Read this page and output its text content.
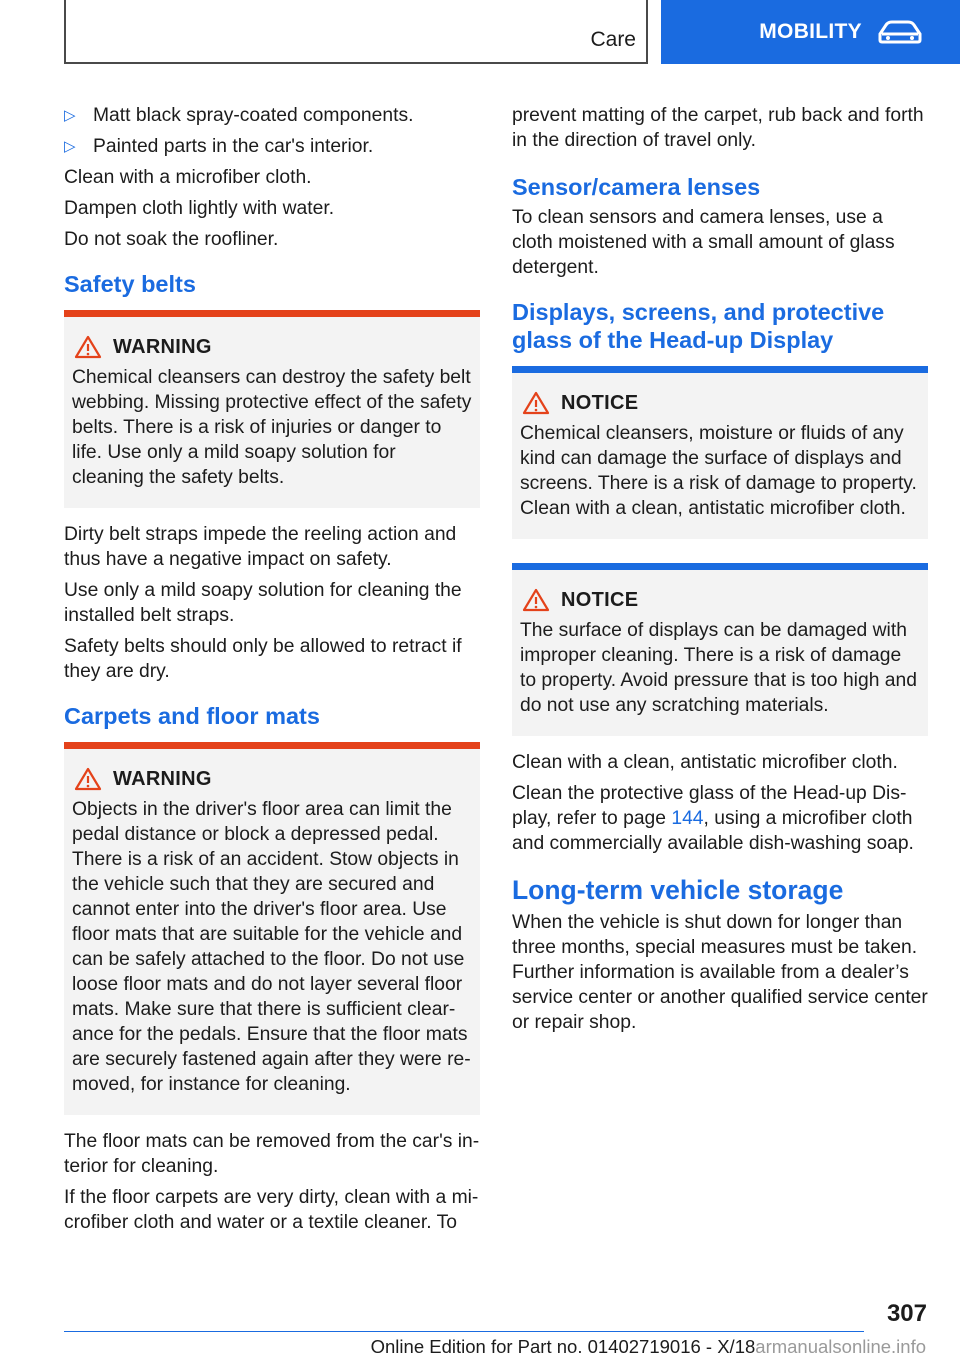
Care	MOBILITY
▷ Matt black spray-coated components.
▷ Painted parts in the car's interior.

Clean with a microfiber cloth.

Dampen cloth lightly with water.

Do not soak the roofliner.

Safety belts
WARNING
Chemical cleansers can destroy the safety belt webbing. Missing protective effect of the safety belts. There is a risk of injuries or danger to life. Use only a mild soapy solution for cleaning the safety belts.

Dirty belt straps impede the reeling action and thus have a negative impact on safety.

Use only a mild soapy solution for cleaning the installed belt straps.

Safety belts should only be allowed to retract if they are dry.

Carpets and floor mats
WARNING
Objects in the driver's floor area can limit the pedal distance or block a depressed pedal. There is a risk of an accident. Stow objects in the vehicle such that they are secured and cannot enter into the driver's floor area. Use floor mats that are suitable for the vehicle and can be safely attached to the floor. Do not use loose floor mats and do not layer several floor mats. Make sure that there is sufficient clearance for the pedals. Ensure that the floor mats are securely fastened again after they were removed, for instance for cleaning.

The floor mats can be removed from the car's interior for cleaning.

If the floor carpets are very dirty, clean with a microfiber cloth and water or a textile cleaner. To

prevent matting of the carpet, rub back and forth in the direction of travel only.

Sensor/camera lenses

To clean sensors and camera lenses, use a cloth moistened with a small amount of glass detergent.

Displays, screens, and protective glass of the Head-up Display
NOTICE
Chemical cleansers, moisture or fluids of any kind can damage the surface of displays and screens. There is a risk of damage to property. Clean with a clean, antistatic microfiber cloth.
NOTICE
The surface of displays can be damaged with improper cleaning. There is a risk of damage to property. Avoid pressure that is too high and do not use any scratching materials.

Clean with a clean, antistatic microfiber cloth.

Clean the protective glass of the Head-up Display, refer to page 144, using a microfiber cloth and commercially available dish-washing soap.

Long-term vehicle storage

When the vehicle is shut down for longer than three months, special measures must be taken. Further information is available from a dealer’s service center or another qualified service center or repair shop.

307
Online Edition for Part no. 01402719016 - X/18armanualsonline.info
